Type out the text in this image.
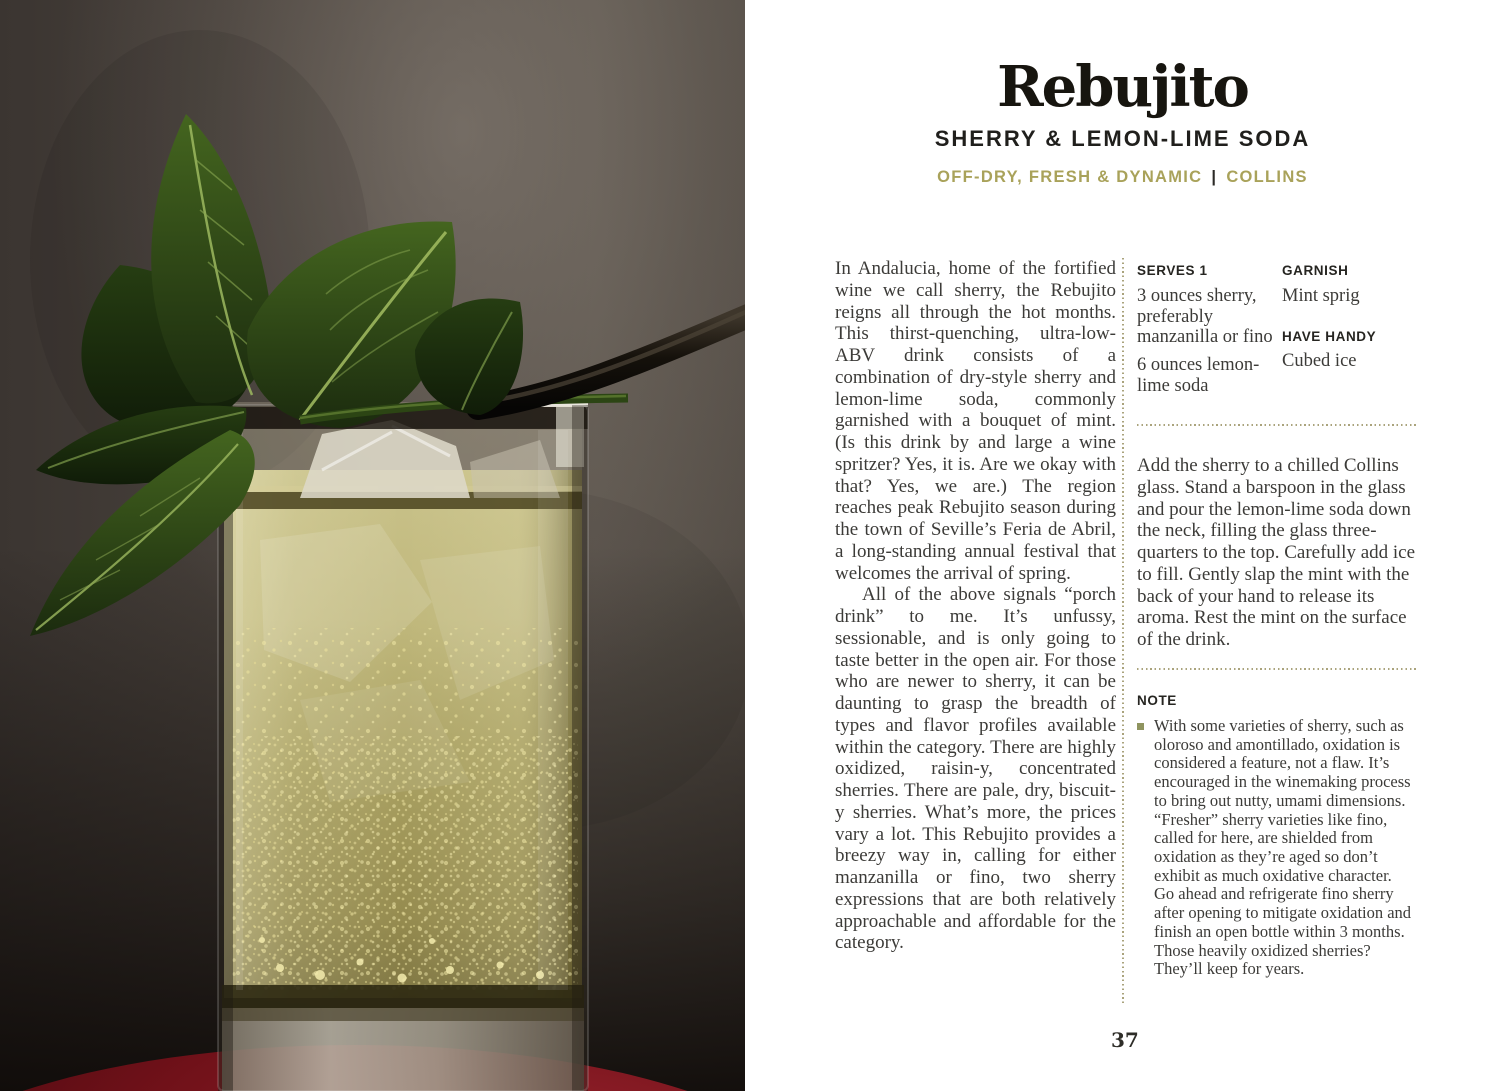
Rebujito
SHERRY & LEMON-LIME SODA
OFF-DRY, FRESH & DYNAMIC | COLLINS

In Andalucia, home of the fortified wine we call sherry, the Rebujito reigns all through the hot months. This thirst-quenching, ultra-low-ABV drink consists of a combination of dry-style sherry and lemon-lime soda, commonly garnished with a bouquet of mint. (Is this drink by and large a wine spritzer? Yes, it is. Are we okay with that? Yes, we are.) The region reaches peak Rebujito season during the town of Seville’s Feria de Abril, a long-standing annual festival that welcomes the arrival of spring.

All of the above signals “porch drink” to me. It’s unfussy, sessionable, and is only going to taste better in the open air. For those who are newer to sherry, it can be daunting to grasp the breadth of types and flavor profiles available within the category. There are highly oxidized, raisin-y, concentrated sherries. There are pale, dry, biscuit-y sherries. What’s more, the prices vary a lot. This Rebujito provides a breezy way in, calling for either manzanilla or fino, two sherry expressions that are both relatively approachable and affordable for the category.

SERVES 1
3 ounces sherry, preferably manzanilla or fino
6 ounces lemon-lime soda
GARNISH
Mint sprig
HAVE HANDY
Cubed ice
Add the sherry to a chilled Collins glass. Stand a barspoon in the glass and pour the lemon-lime soda down the neck, filling the glass three-quarters to the top. Carefully add ice to fill. Gently slap the mint with the back of your hand to release its aroma. Rest the mint on the surface of the drink.
NOTE
With some varieties of sherry, such as oloroso and amontillado, oxidation is considered a feature, not a flaw. It’s encouraged in the winemaking process to bring out nutty, umami dimensions. “Fresher” sherry varieties like fino, called for here, are shielded from oxidation as they’re aged so don’t exhibit as much oxidative character. Go ahead and refrigerate fino sherry after opening to mitigate oxidation and finish an open bottle within 3 months. Those heavily oxidized sherries? They’ll keep for years.
37
